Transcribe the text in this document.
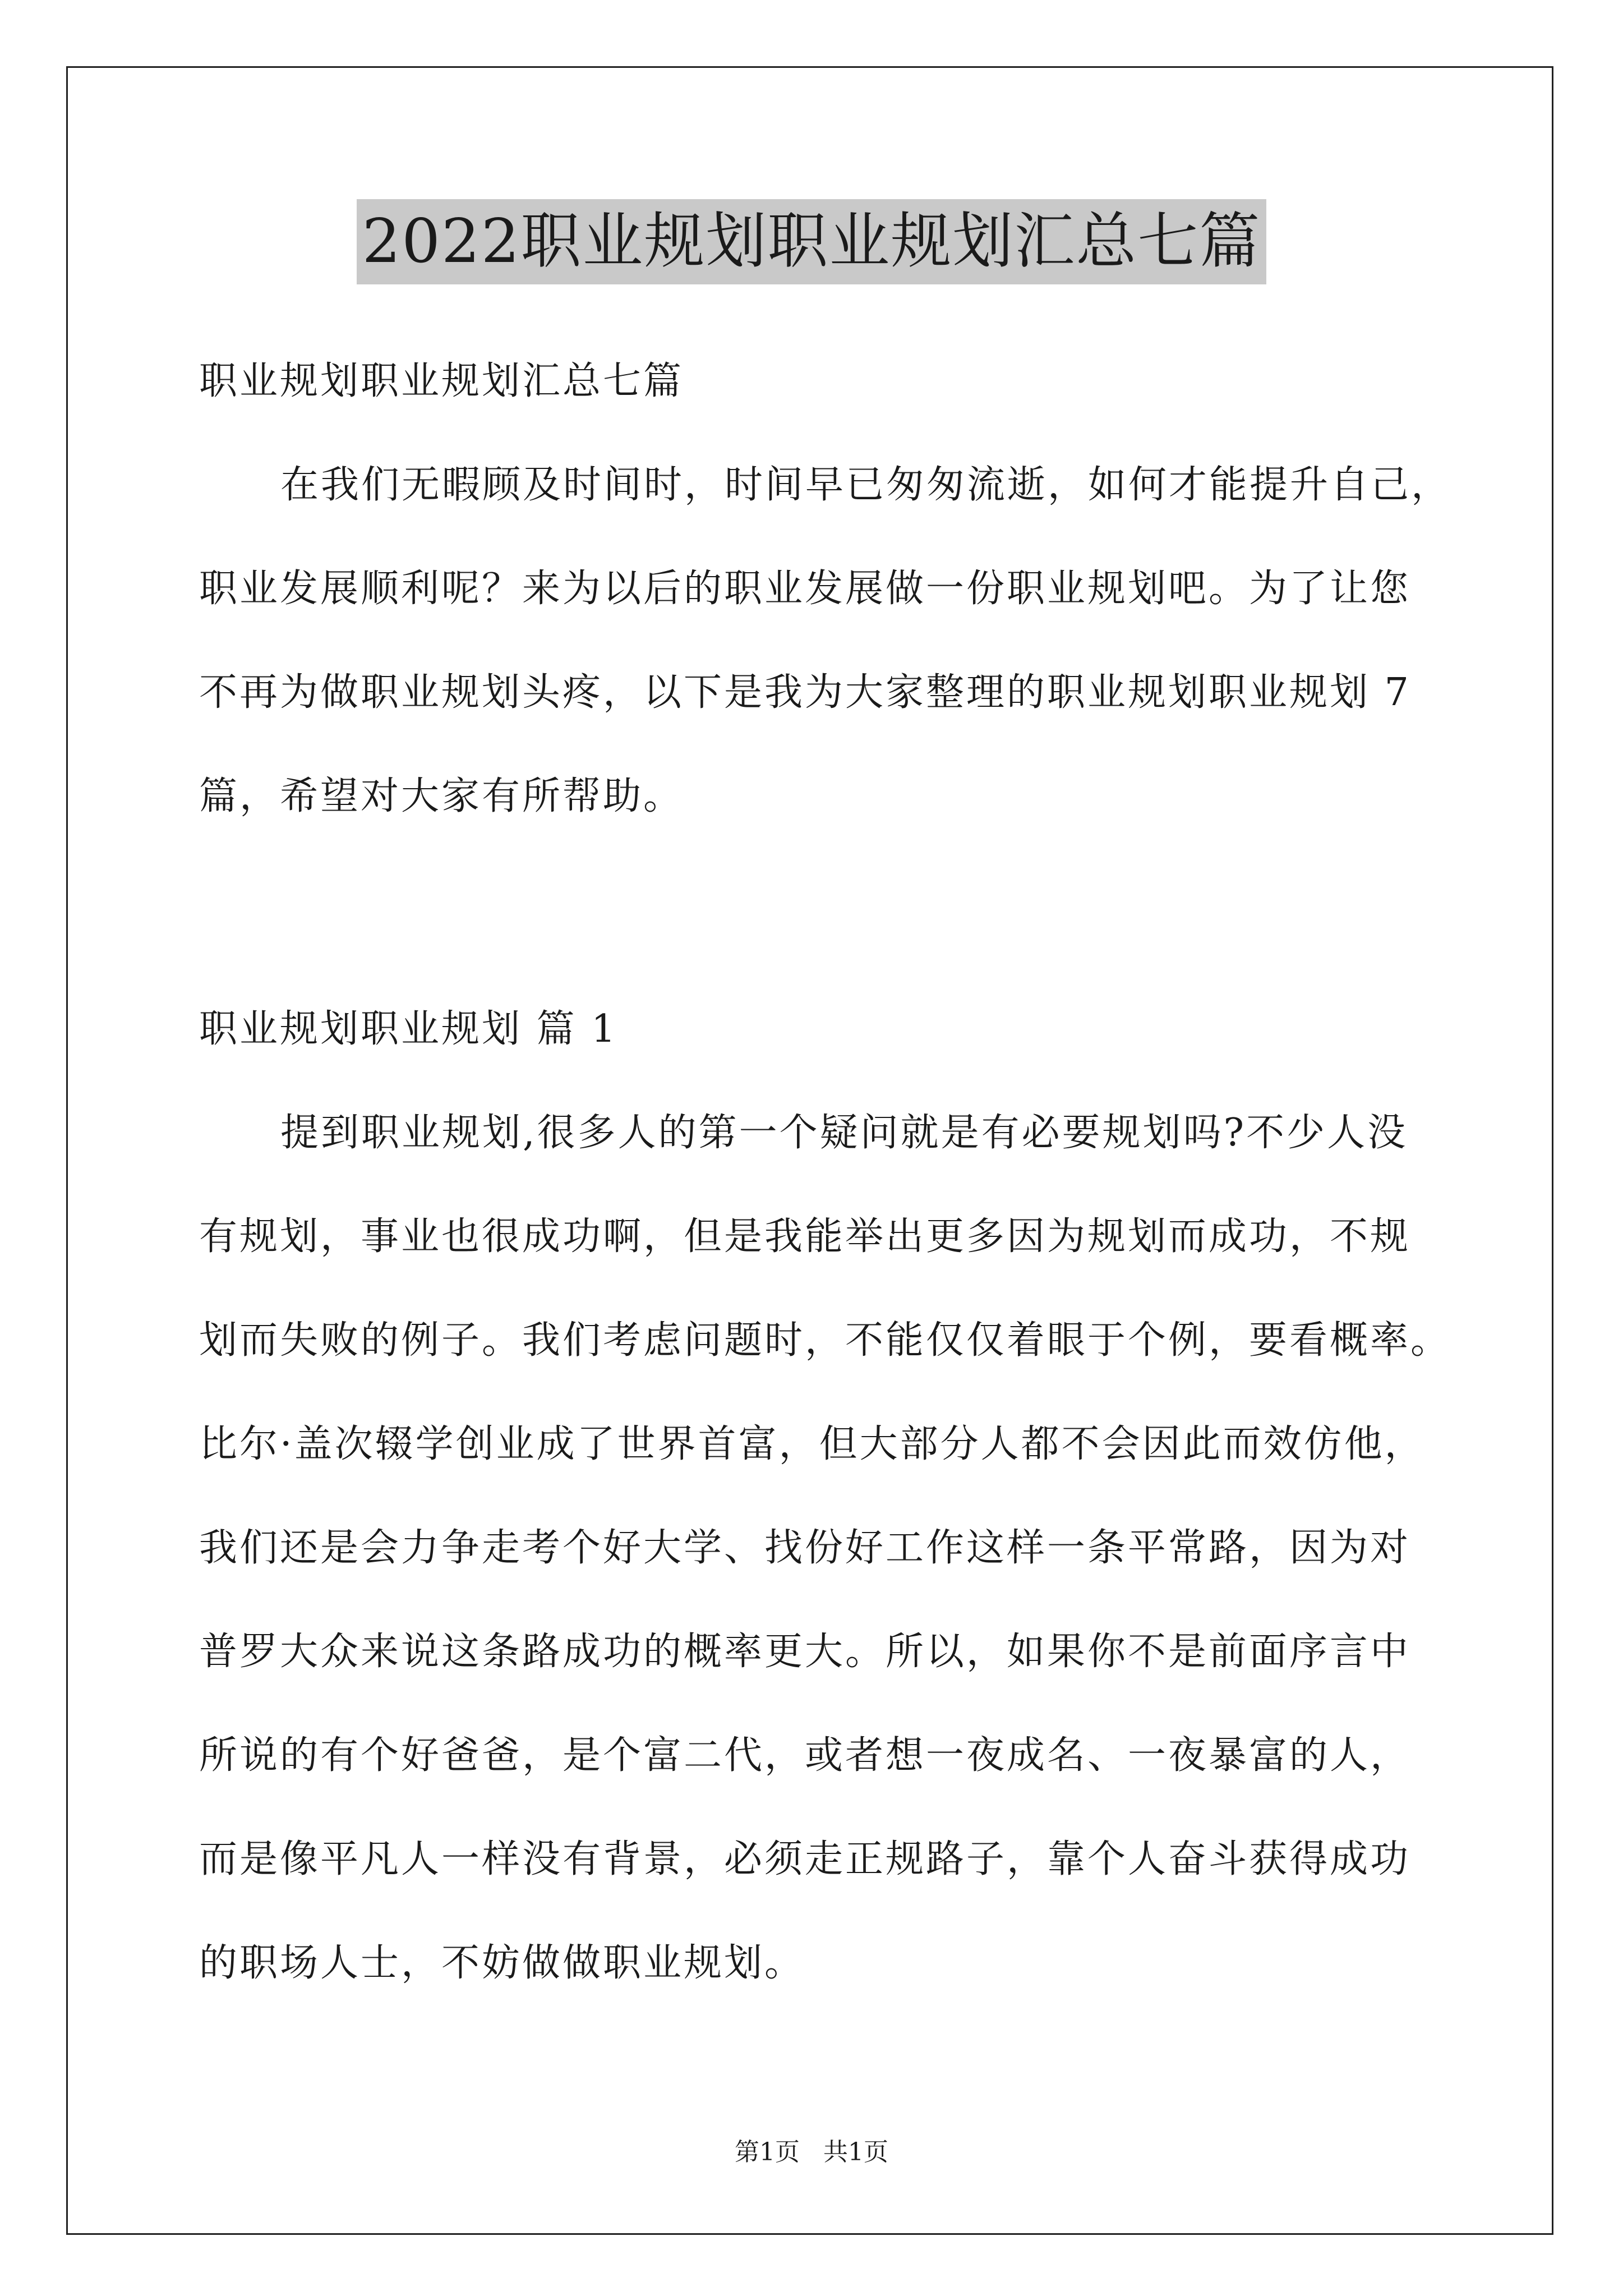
2022职业规划职业规划汇总七篇
职业规划职业规划汇总七篇
在我们无暇顾及时间时，时间早已匆匆流逝，如何才能提升自己，
职业发展顺利呢？来为以后的职业发展做一份职业规划吧。为了让您
不再为做职业规划头疼，以下是我为大家整理的职业规划职业规划 7
篇，希望对大家有所帮助。
职业规划职业规划 篇 1
提到职业规划,很多人的第一个疑问就是有必要规划吗?不少人没
有规划，事业也很成功啊，但是我能举出更多因为规划而成功，不规
划而失败的例子。我们考虑问题时，不能仅仅着眼于个例，要看概率。
比尔·盖次辍学创业成了世界首富，但大部分人都不会因此而效仿他，
我们还是会力争走考个好大学、找份好工作这样一条平常路，因为对
普罗大众来说这条路成功的概率更大。所以，如果你不是前面序言中
所说的有个好爸爸，是个富二代，或者想一夜成名、一夜暴富的人，
而是像平凡人一样没有背景，必须走正规路子，靠个人奋斗获得成功
的职场人士，不妨做做职业规划。
第1页 共1页
